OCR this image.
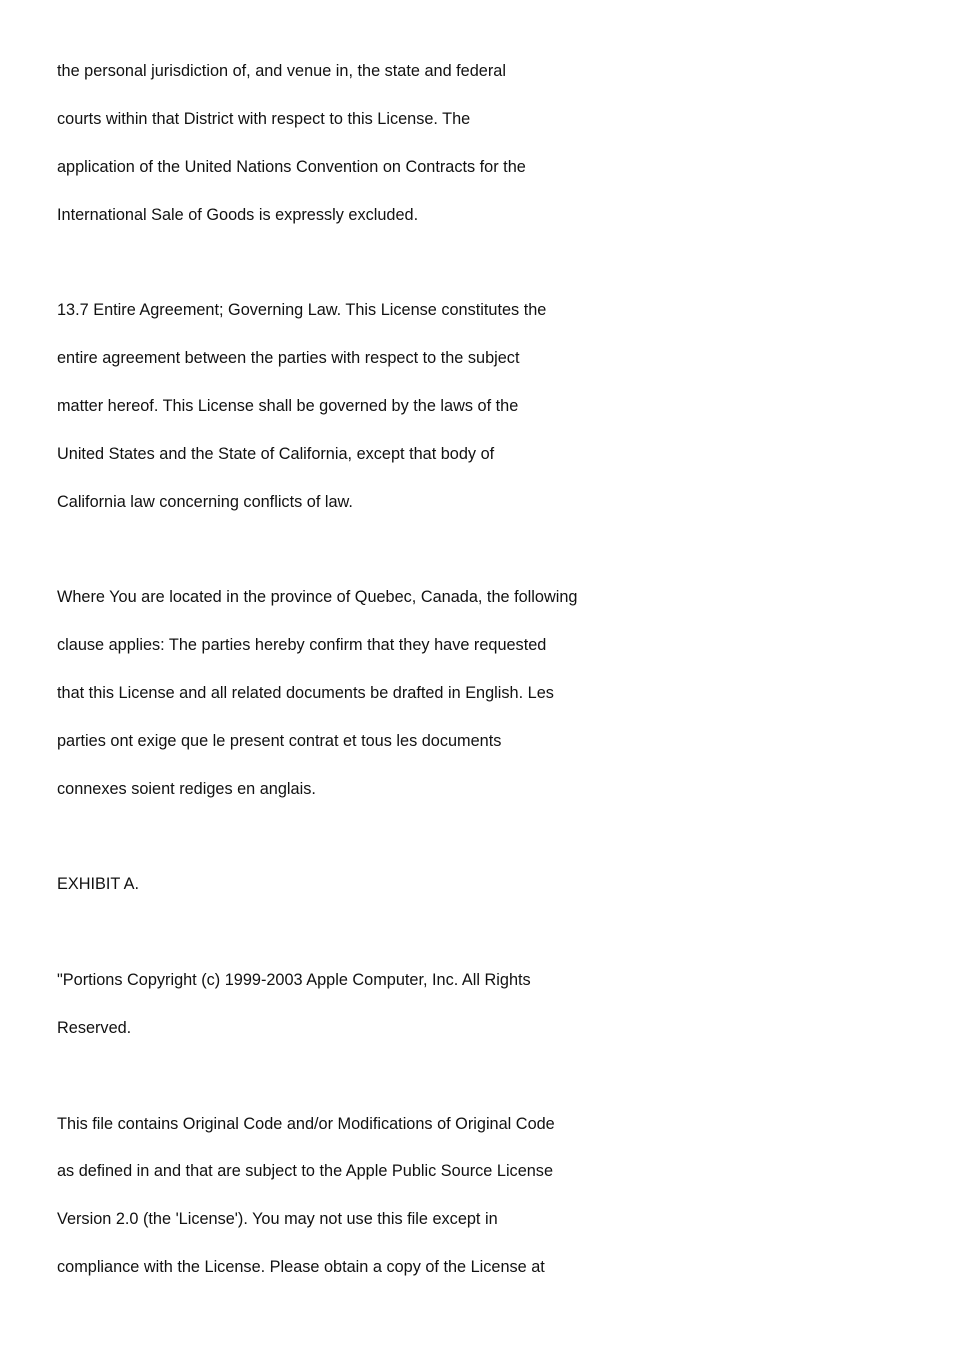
the personal jurisdiction of, and venue in, the state and federal
courts within that District with respect to this License. The
application of the United Nations Convention on Contracts for the
International Sale of Goods is expressly excluded.
13.7 Entire Agreement; Governing Law. This License constitutes the
entire agreement between the parties with respect to the subject
matter hereof. This License shall be governed by the laws of the
United States and the State of California, except that body of
California law concerning conflicts of law.
Where You are located in the province of Quebec, Canada, the following
clause applies: The parties hereby confirm that they have requested
that this License and all related documents be drafted in English. Les
parties ont exige que le present contrat et tous les documents
connexes soient rediges en anglais.
EXHIBIT A.
"Portions Copyright (c) 1999-2003 Apple Computer, Inc. All Rights
Reserved.
This file contains Original Code and/or Modifications of Original Code
as defined in and that are subject to the Apple Public Source License
Version 2.0 (the 'License'). You may not use this file except in
compliance with the License. Please obtain a copy of the License at
